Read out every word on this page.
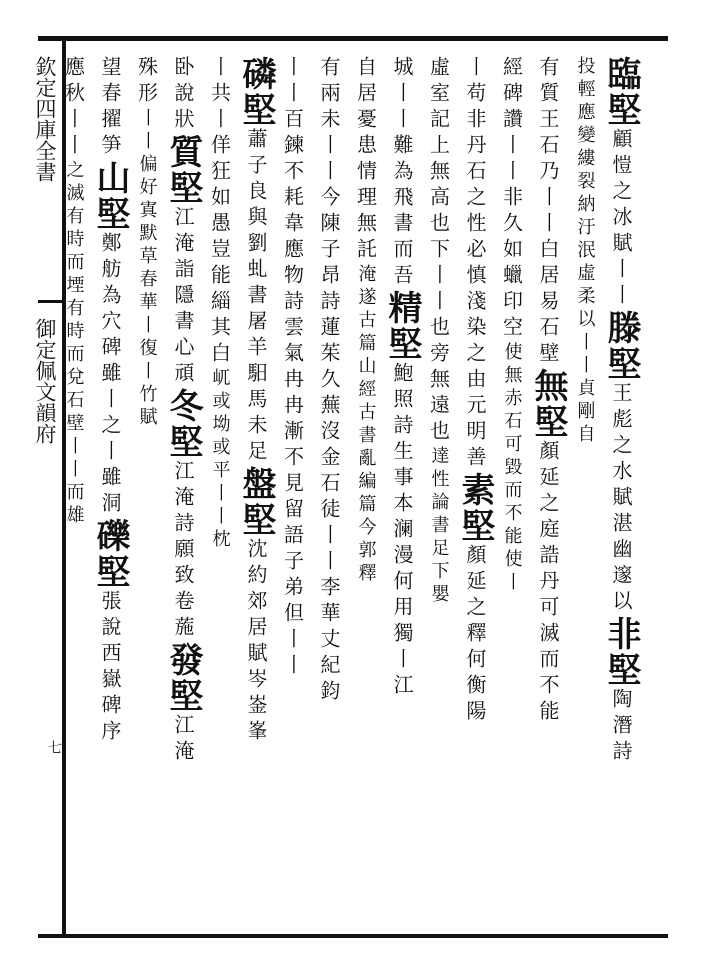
欽定四庫全書
御定佩文韻府
七
臨堅顧愷之冰賦丨丨滕堅王彪之水賦湛幽邃以非堅陶潛詩
投輕應變縷裂納汙泯虛柔以丨丨貞剛自
有質王石乃丨丨白居易石壁無堅顏延之庭誥丹可滅而不能
經碑讚丨丨非久如蠟印空使無赤石可毀而不能使丨
丨苟非丹石之性必慎淺染之由元明善素堅顏延之釋何衡陽
虛室記上無高也下丨丨也旁無遠也達性論書足下嬰
城丨丨難為飛書而吾精堅鮑照詩生事本澜漫何用獨丨江
自居憂患情理無託淹遂古篇山經古書亂編篇今郭釋
有兩未丨丨今陳子昂詩蓮茱久蕪沒金石徒丨丨李華丈紀鈞
丨丨百鍊不耗韋應物詩雲氣冉冉漸不見留語子弟但丨丨
磷堅蕭子良與劉虬書屠羊馹馬未足盤堅沈約郊居賦岑崟峯
丨共丨佯狂如愚豈能緇其白屼或坳或平丨丨枕
卧說狀質堅江淹詣隱書心頑冬堅江淹詩願致卷葹發堅江淹
殊形丨丨偏好寘默草春華丨復丨竹賦
望春擢笋山堅鄭舫為穴碑雖丨之丨雖洞礫堅張說西嶽碑序
應秋丨丨之滅有時而堙有時而兌石壁丨丨而雄
